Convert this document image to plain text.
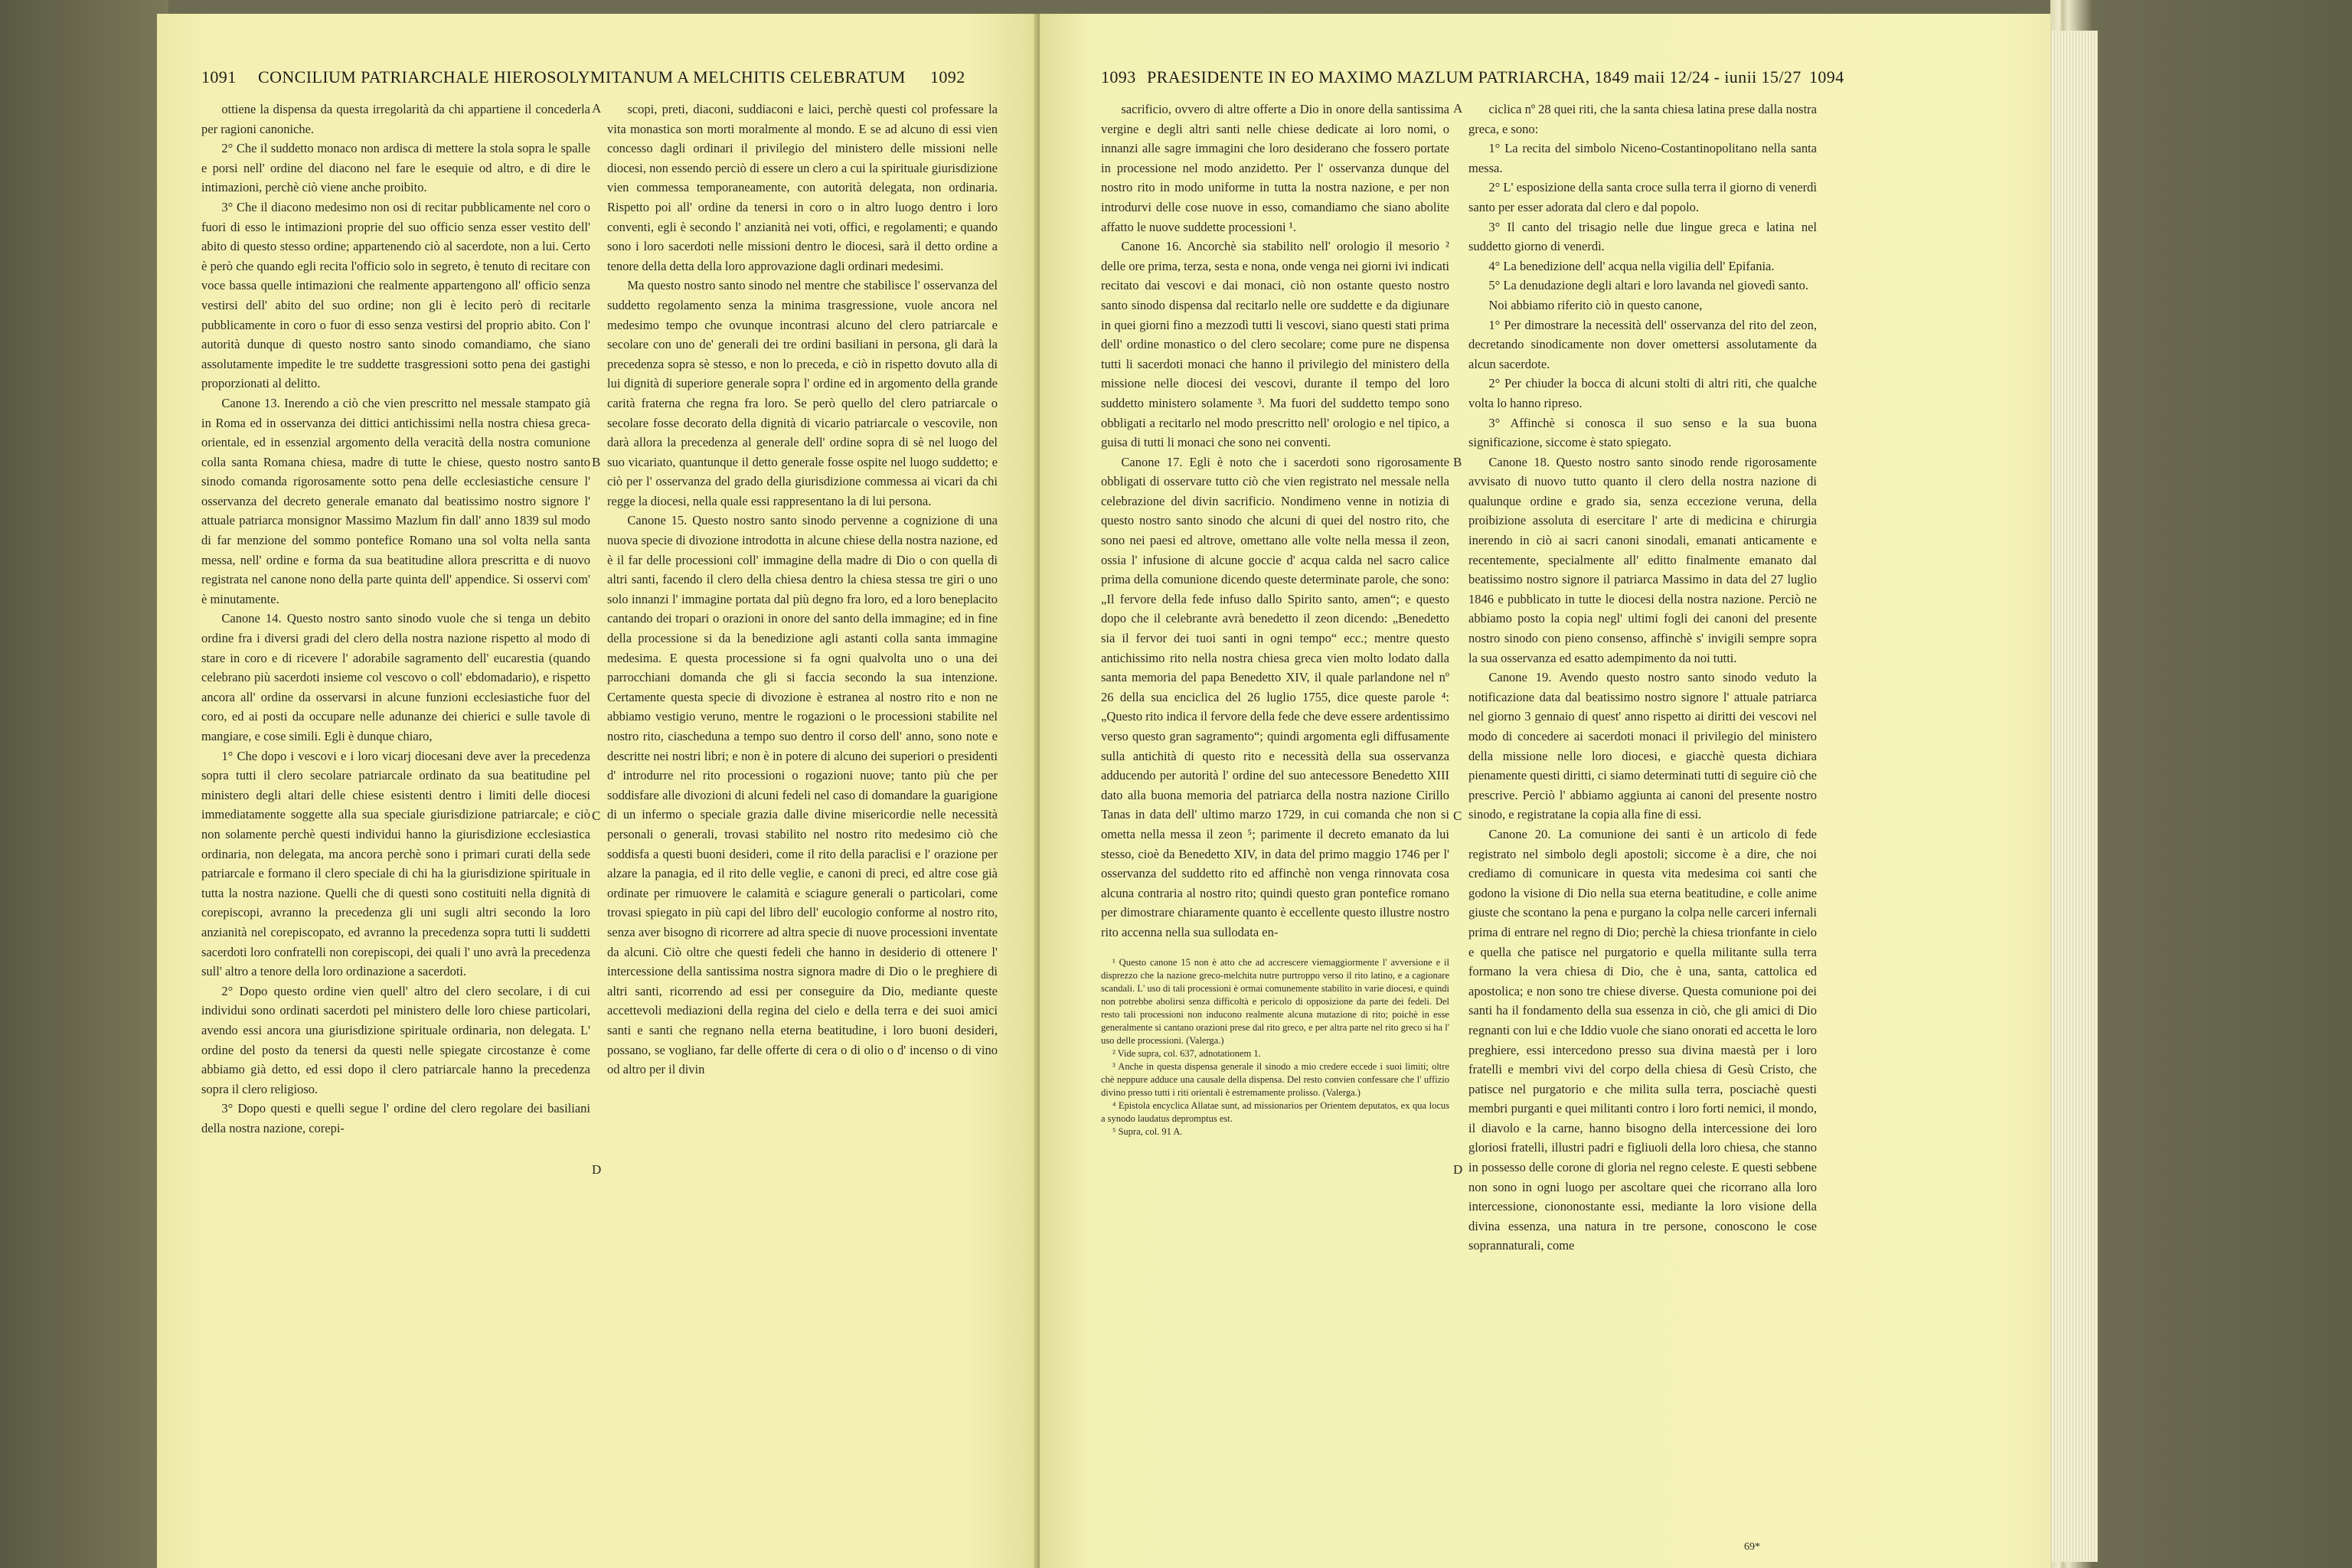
1091 CONCILIUM PATRIARCHALE HIEROSOLYMITANUM A MELCHITIS CELEBRATUM 1092

ottiene la dispensa da questa irregolarità da chi appartiene il concederla per ragioni canoniche.

2° Che il suddetto monaco non ardisca di mettere la stola sopra le spalle e porsi nell' ordine del diacono nel fare le esequie od altro, e di dire le intimazioni, perchè ciò viene anche proibito.

3° Che il diacono medesimo non osi di recitar pubblicamente nel coro o fuori di esso le intimazioni proprie del suo officio senza esser vestito dell' abito di questo stesso ordine; appartenendo ciò al sacerdote, non a lui. Certo è però che quando egli recita l'officio solo in segreto, è tenuto di recitare con voce bassa quelle intimazioni che realmente appartengono all' officio senza vestirsi dell' abito del suo ordine; non gli è lecito però di recitarle pubblicamente in coro o fuor di esso senza vestirsi del proprio abito. Con l' autorità dunque di questo nostro santo sinodo comandiamo, che siano assolutamente impedite le tre suddette trasgressioni sotto pena dei gastighi proporzionati al delitto.

Canone 13. Inerendo a ciò che vien prescritto nel messale stampato già in Roma ed in osservanza dei dittici antichissimi nella nostra chiesa greca-orientale, ed in essenzial argomento della veracità della nostra comunione colla santa Romana chiesa, madre di tutte le chiese, questo nostro santo sinodo comanda rigorosamente sotto pena delle ecclesiastiche censure l' osservanza del decreto generale emanato dal beatissimo nostro signore l' attuale patriarca monsignor Massimo Mazlum fin dall' anno 1839 sul modo di far menzione del sommo pontefice Romano una sol volta nella santa messa, nell' ordine e forma da sua beatitudine allora prescritta e di nuovo registrata nel canone nono della parte quinta dell' appendice. Si osservi com' è minutamente.

Canone 14. Questo nostro santo sinodo vuole che si tenga un debito ordine fra i diversi gradi del clero della nostra nazione rispetto al modo di stare in coro e di ricevere l' adorabile sagramento dell' eucarestia (quando celebrano più sacerdoti insieme col vescovo o coll' ebdomadario), e rispetto ancora all' ordine da osservarsi in alcune funzioni ecclesiastiche fuor del coro, ed ai posti da occupare nelle adunanze dei chierici e sulle tavole di mangiare, e cose simili. Egli è dunque chiaro,

1° Che dopo i vescovi e i loro vicarj diocesani deve aver la precedenza sopra tutti il clero secolare patriarcale ordinato da sua beatitudine pel ministero degli altari delle chiese esistenti dentro i limiti delle diocesi immediatamente soggette alla sua speciale giurisdizione patriarcale; e ciò non solamente perchè questi individui hanno la giurisdizione ecclesiastica ordinaria, non delegata, ma ancora perchè sono i primari curati della sede patriarcale e formano il clero speciale di chi ha la giurisdizione spirituale in tutta la nostra nazione. Quelli che di questi sono costituiti nella dignità di corepiscopi, avranno la precedenza gli uni sugli altri secondo la loro anzianità nel corepiscopato, ed avranno la precedenza sopra tutti li suddetti sacerdoti loro confratelli non corepiscopi, dei quali l' uno avrà la precedenza sull' altro a tenore della loro ordinazione a sacerdoti.

2° Dopo questo ordine vien quell' altro del clero secolare, i di cui individui sono ordinati sacerdoti pel ministero delle loro chiese particolari, avendo essi ancora una giurisdizione spirituale ordinaria, non delegata. L' ordine del posto da tenersi da questi nelle spiegate circostanze è come abbiamo già detto, ed essi dopo il clero patriarcale hanno la precedenza sopra il clero religioso.

3° Dopo questi e quelli segue l' ordine del clero regolare dei basiliani della nostra nazione, corepi-

A
B
C
D

scopi, preti, diaconi, suddiaconi e laici, perchè questi col professare la vita monastica son morti moralmente al mondo. E se ad alcuno di essi vien concesso dagli ordinari il privilegio del ministero delle missioni nelle diocesi, non essendo perciò di essere un clero a cui la spirituale giurisdizione vien commessa temporaneamente, con autorità delegata, non ordinaria. Rispetto poi all' ordine da tenersi in coro o in altro luogo dentro i loro conventi, egli è secondo l' anzianità nei voti, offici, e regolamenti; e quando sono i loro sacerdoti nelle missioni dentro le diocesi, sarà il detto ordine a tenore della detta della loro approvazione dagli ordinari medesimi.

Ma questo nostro santo sinodo nel mentre che stabilisce l' osservanza del suddetto regolamento senza la minima trasgressione, vuole ancora nel medesimo tempo che ovunque incontrasi alcuno del clero patriarcale e secolare con uno de' generali dei tre ordini basiliani in persona, gli darà la precedenza sopra sè stesso, e non lo preceda, e ciò in rispetto dovuto alla di lui dignità di superiore generale sopra l' ordine ed in argomento della grande carità fraterna che regna fra loro. Se però quello del clero patriarcale o secolare fosse decorato della dignità di vicario patriarcale o vescovile, non darà allora la precedenza al generale dell' ordine sopra di sè nel luogo del suo vicariato, quantunque il detto generale fosse ospite nel luogo suddetto; e ciò per l' osservanza del grado della giurisdizione commessa ai vicari da chi regge la diocesi, nella quale essi rappresentano la di lui persona.

Canone 15. Questo nostro santo sinodo pervenne a cognizione di una nuova specie di divozione introdotta in alcune chiese della nostra nazione, ed è il far delle processioni coll' immagine della madre di Dio o con quella di altri santi, facendo il clero della chiesa dentro la chiesa stessa tre giri o uno solo innanzi l' immagine portata dal più degno fra loro, ed a loro beneplacito cantando dei tropari o orazioni in onore del santo della immagine; ed in fine della processione si da la benedizione agli astanti colla santa immagine medesima. E questa processione si fa ogni qualvolta uno o una dei parrocchiani domanda che gli si faccia secondo la sua intenzione. Certamente questa specie di divozione è estranea al nostro rito e non ne abbiamo vestigio veruno, mentre le rogazioni o le processioni stabilite nel nostro rito, ciascheduna a tempo suo dentro il corso dell' anno, sono note e descritte nei nostri libri; e non è in potere di alcuno dei superiori o presidenti d' introdurre nel rito processioni o rogazioni nuove; tanto più che per soddisfare alle divozioni di alcuni fedeli nel caso di domandare la guarigione di un infermo o speciale grazia dalle divine misericordie nelle necessità personali o generali, trovasi stabilito nel nostro rito medesimo ciò che soddisfa a questi buoni desideri, come il rito della paraclisi e l' orazione per alzare la panagia, ed il rito delle veglie, e canoni di preci, ed altre cose già ordinate per rimuovere le calamità e sciagure generali o particolari, come trovasi spiegato in più capi del libro dell' eucologio conforme al nostro rito, senza aver bisogno di ricorrere ad altra specie di nuove processioni inventate da alcuni. Ciò oltre che questi fedeli che hanno in desiderio di ottenere l' intercessione della santissima nostra signora madre di Dio o le preghiere di altri santi, ricorrendo ad essi per conseguire da Dio, mediante queste accettevoli mediazioni della regina del cielo e della terra e dei suoi amici santi e santi che regnano nella eterna beatitudine, i loro buoni desideri, possano, se vogliano, far delle offerte di cera o di olio o d' incenso o di vino od altro per il divin

1093 PRAESIDENTE IN EO MAXIMO MAZLUM PATRIARCHA, 1849 maii 12/24 - iunii 15/27 1094

sacrificio, ovvero di altre offerte a Dio in onore della santissima vergine e degli altri santi nelle chiese dedicate ai loro nomi, o innanzi alle sagre immagini che loro desiderano che fossero portate in processione nel modo anzidetto. Per l' osservanza dunque del nostro rito in modo uniforme in tutta la nostra nazione, e per non introdurvi delle cose nuove in esso, comandiamo che siano abolite affatto le nuove suddette processioni ¹.

Canone 16. Ancorchè sia stabilito nell' orologio il mesorio ² delle ore prima, terza, sesta e nona, onde venga nei giorni ivi indicati recitato dai vescovi e dai monaci, ciò non ostante questo nostro santo sinodo dispensa dal recitarlo nelle ore suddette e da digiunare in quei giorni fino a mezzodì tutti li vescovi, siano questi stati prima dell' ordine monastico o del clero secolare; come pure ne dispensa tutti li sacerdoti monaci che hanno il privilegio del ministero della missione nelle diocesi dei vescovi, durante il tempo del loro suddetto ministero solamente ³. Ma fuori del suddetto tempo sono obbligati a recitarlo nel modo prescritto nell' orologio e nel tipico, a guisa di tutti li monaci che sono nei conventi.

Canone 17. Egli è noto che i sacerdoti sono rigorosamente obbligati di osservare tutto ciò che vien registrato nel messale nella celebrazione del divin sacrificio. Nondimeno venne in notizia di questo nostro santo sinodo che alcuni di quei del nostro rito, che sono nei paesi ed altrove, omettano alle volte nella messa il zeon, ossia l' infusione di alcune goccie d' acqua calda nel sacro calice prima della comunione dicendo queste determinate parole, che sono: „Il fervore della fede infuso dallo Spirito santo, amen“; e questo dopo che il celebrante avrà benedetto il zeon dicendo: „Benedetto sia il fervor dei tuoi santi in ogni tempo“ ecc.; mentre questo antichissimo rito nella nostra chiesa greca vien molto lodato dalla santa memoria del papa Benedetto XIV, il quale parlandone nel nº 26 della sua enciclica del 26 luglio 1755, dice queste parole ⁴: „Questo rito indica il fervore della fede che deve essere ardentissimo verso questo gran sagramento“; quindi argomenta egli diffusamente sulla antichità di questo rito e necessità della sua osservanza adducendo per autorità l' ordine del suo antecessore Benedetto XIII dato alla buona memoria del patriarca della nostra nazione Cirillo Tanas in data dell' ultimo marzo 1729, in cui comanda che non si ometta nella messa il zeon ⁵; parimente il decreto emanato da lui stesso, cioè da Benedetto XIV, in data del primo maggio 1746 per l' osservanza del suddetto rito ed affinchè non venga rinnovata cosa alcuna contraria al nostro rito; quindi questo gran pontefice romano per dimostrare chiaramente quanto è eccellente questo illustre nostro rito accenna nella sua sullodata en-

¹ Questo canone 15 non è atto che ad accrescere viemaggiormente l' avversione e il disprezzo che la nazione greco-melchita nutre purtroppo verso il rito latino, e a cagionare scandali. L' uso di tali processioni è ormai comunemente stabilito in varie diocesi, e quindi non potrebbe abolirsi senza difficoltà e pericolo di opposizione da parte dei fedeli. Del resto tali processioni non inducono realmente alcuna mutazione di rito; poichè in esse generalmente si cantano orazioni prese dal rito greco, e per altra parte nel rito greco si ha l' uso delle processioni. (Valerga.)

² Vide supra, col. 637, adnotationem 1.

³ Anche in questa dispensa generale il sinodo a mio credere eccede i suoi limiti; oltre chè neppure adduce una causale della dispensa. Del resto convien confessare che l' uffizio divino presso tutti i riti orientali è estremamente prolisso. (Valerga.)

⁴ Epistola encyclica Allatae sunt, ad missionarios per Orientem deputatos, ex qua locus a synodo laudatus depromptus est.

⁵ Supra, col. 91 A.

A
B
C
D

ciclica nº 28 quei riti, che la santa chiesa latina prese dalla nostra greca, e sono:

1° La recita del simbolo Niceno-Costantinopolitano nella santa messa.

2° L' esposizione della santa croce sulla terra il giorno di venerdì santo per esser adorata dal clero e dal popolo.

3° Il canto del trisagio nelle due lingue greca e latina nel suddetto giorno di venerdì.

4° La benedizione dell' acqua nella vigilia dell' Epifania.

5° La denudazione degli altari e loro lavanda nel giovedì santo.

Noi abbiamo riferito ciò in questo canone,

1° Per dimostrare la necessità dell' osservanza del rito del zeon, decretando sinodicamente non dover omettersi assolutamente da alcun sacerdote.

2° Per chiuder la bocca di alcuni stolti di altri riti, che qualche volta lo hanno ripreso.

3° Affinchè si conosca il suo senso e la sua buona significazione, siccome è stato spiegato.

Canone 18. Questo nostro santo sinodo rende rigorosamente avvisato di nuovo tutto quanto il clero della nostra nazione di qualunque ordine e grado sia, senza eccezione veruna, della proibizione assoluta di esercitare l' arte di medicina e chirurgia inerendo in ciò ai sacri canoni sinodali, emanati anticamente e recentemente, specialmente all' editto finalmente emanato dal beatissimo nostro signore il patriarca Massimo in data del 27 luglio 1846 e pubblicato in tutte le diocesi della nostra nazione. Perciò ne abbiamo posto la copia negl' ultimi fogli dei canoni del presente nostro sinodo con pieno consenso, affinchè s' invigili sempre sopra la sua osservanza ed esatto adempimento da noi tutti.

Canone 19. Avendo questo nostro santo sinodo veduto la notificazione data dal beatissimo nostro signore l' attuale patriarca nel giorno 3 gennaio di quest' anno rispetto ai diritti dei vescovi nel modo di concedere ai sacerdoti monaci il privilegio del ministero della missione nelle loro diocesi, e giacchè questa dichiara pienamente questi diritti, ci siamo determinati tutti di seguire ciò che prescrive. Perciò l' abbiamo aggiunta ai canoni del presente nostro sinodo, e registratane la copia alla fine di essi.

Canone 20. La comunione dei santi è un articolo di fede registrato nel simbolo degli apostoli; siccome è a dire, che noi crediamo di comunicare in questa vita medesima coi santi che godono la visione di Dio nella sua eterna beatitudine, e colle anime giuste che scontano la pena e purgano la colpa nelle carceri infernali prima di entrare nel regno di Dio; perchè la chiesa trionfante in cielo e quella che patisce nel purgatorio e quella militante sulla terra formano la vera chiesa di Dio, che è una, santa, cattolica ed apostolica; e non sono tre chiese diverse. Questa comunione poi dei santi ha il fondamento della sua essenza in ciò, che gli amici di Dio regnanti con lui e che Iddio vuole che siano onorati ed accetta le loro preghiere, essi intercedono presso sua divina maestà per i loro fratelli e membri vivi del corpo della chiesa di Gesù Cristo, che patisce nel purgatorio e che milita sulla terra, posciachè questi membri purganti e quei militanti contro i loro forti nemici, il mondo, il diavolo e la carne, hanno bisogno della intercessione dei loro gloriosi fratelli, illustri padri e figliuoli della loro chiesa, che stanno in possesso delle corone di gloria nel regno celeste. E questi sebbene non sono in ogni luogo per ascoltare quei che ricorrano alla loro intercessione, ciononostante essi, mediante la loro visione della divina essenza, una natura in tre persone, conoscono le cose soprannaturali, come

69*
